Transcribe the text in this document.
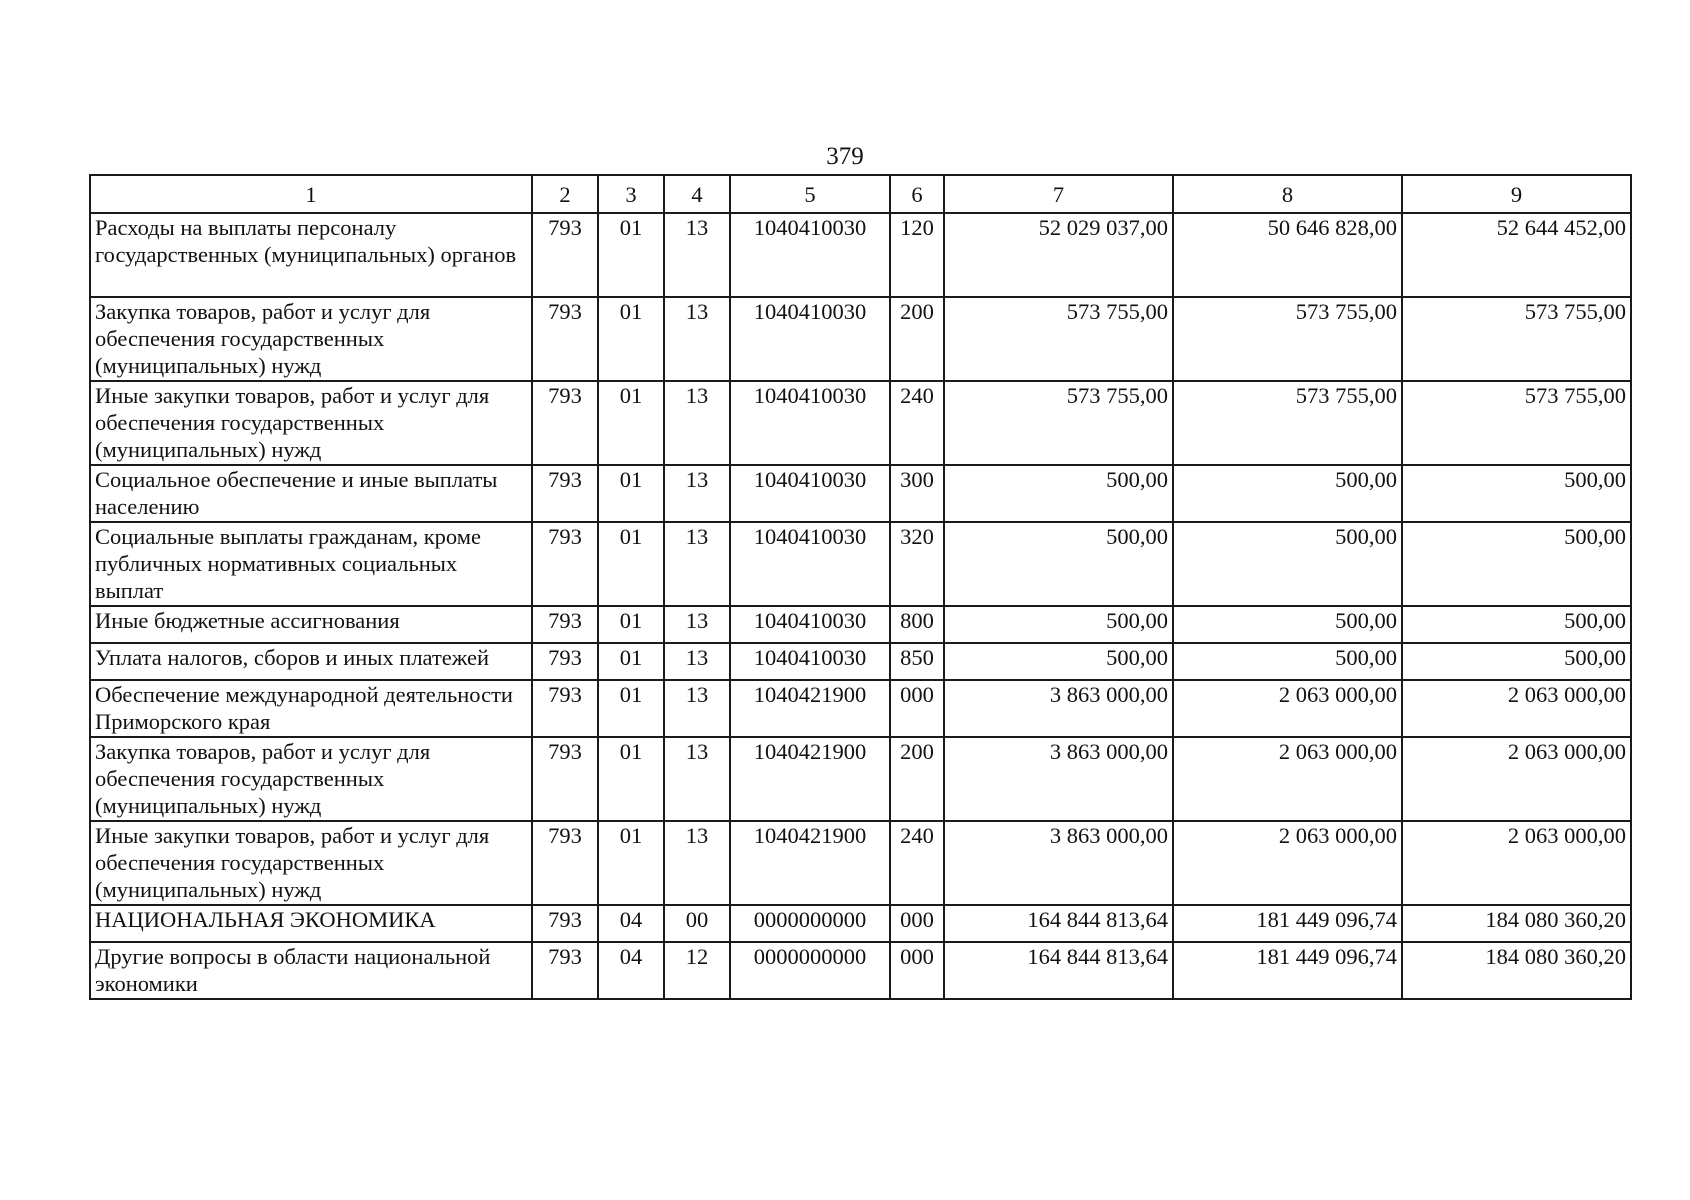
379
1	2	3	4	5	6	7	8	9
Расходы на выплаты персоналу государственных (муниципальных) органов	793	01	13	1040410030	120	52 029 037,00	50 646 828,00	52 644 452,00
Закупка товаров, работ и услуг для обеспечения государственных (муниципальных) нужд	793	01	13	1040410030	200	573 755,00	573 755,00	573 755,00
Иные закупки товаров, работ и услуг для обеспечения государственных (муниципальных) нужд	793	01	13	1040410030	240	573 755,00	573 755,00	573 755,00
Социальное обеспечение и иные выплаты населению	793	01	13	1040410030	300	500,00	500,00	500,00
Социальные выплаты гражданам, кроме публичных нормативных социальных выплат	793	01	13	1040410030	320	500,00	500,00	500,00
Иные бюджетные ассигнования	793	01	13	1040410030	800	500,00	500,00	500,00
Уплата налогов, сборов и иных платежей	793	01	13	1040410030	850	500,00	500,00	500,00
Обеспечение международной деятельности Приморского края	793	01	13	1040421900	000	3 863 000,00	2 063 000,00	2 063 000,00
Закупка товаров, работ и услуг для обеспечения государственных (муниципальных) нужд	793	01	13	1040421900	200	3 863 000,00	2 063 000,00	2 063 000,00
Иные закупки товаров, работ и услуг для обеспечения государственных (муниципальных) нужд	793	01	13	1040421900	240	3 863 000,00	2 063 000,00	2 063 000,00
НАЦИОНАЛЬНАЯ ЭКОНОМИКА	793	04	00	0000000000	000	164 844 813,64	181 449 096,74	184 080 360,20
Другие вопросы в области национальной экономики	793	04	12	0000000000	000	164 844 813,64	181 449 096,74	184 080 360,20
